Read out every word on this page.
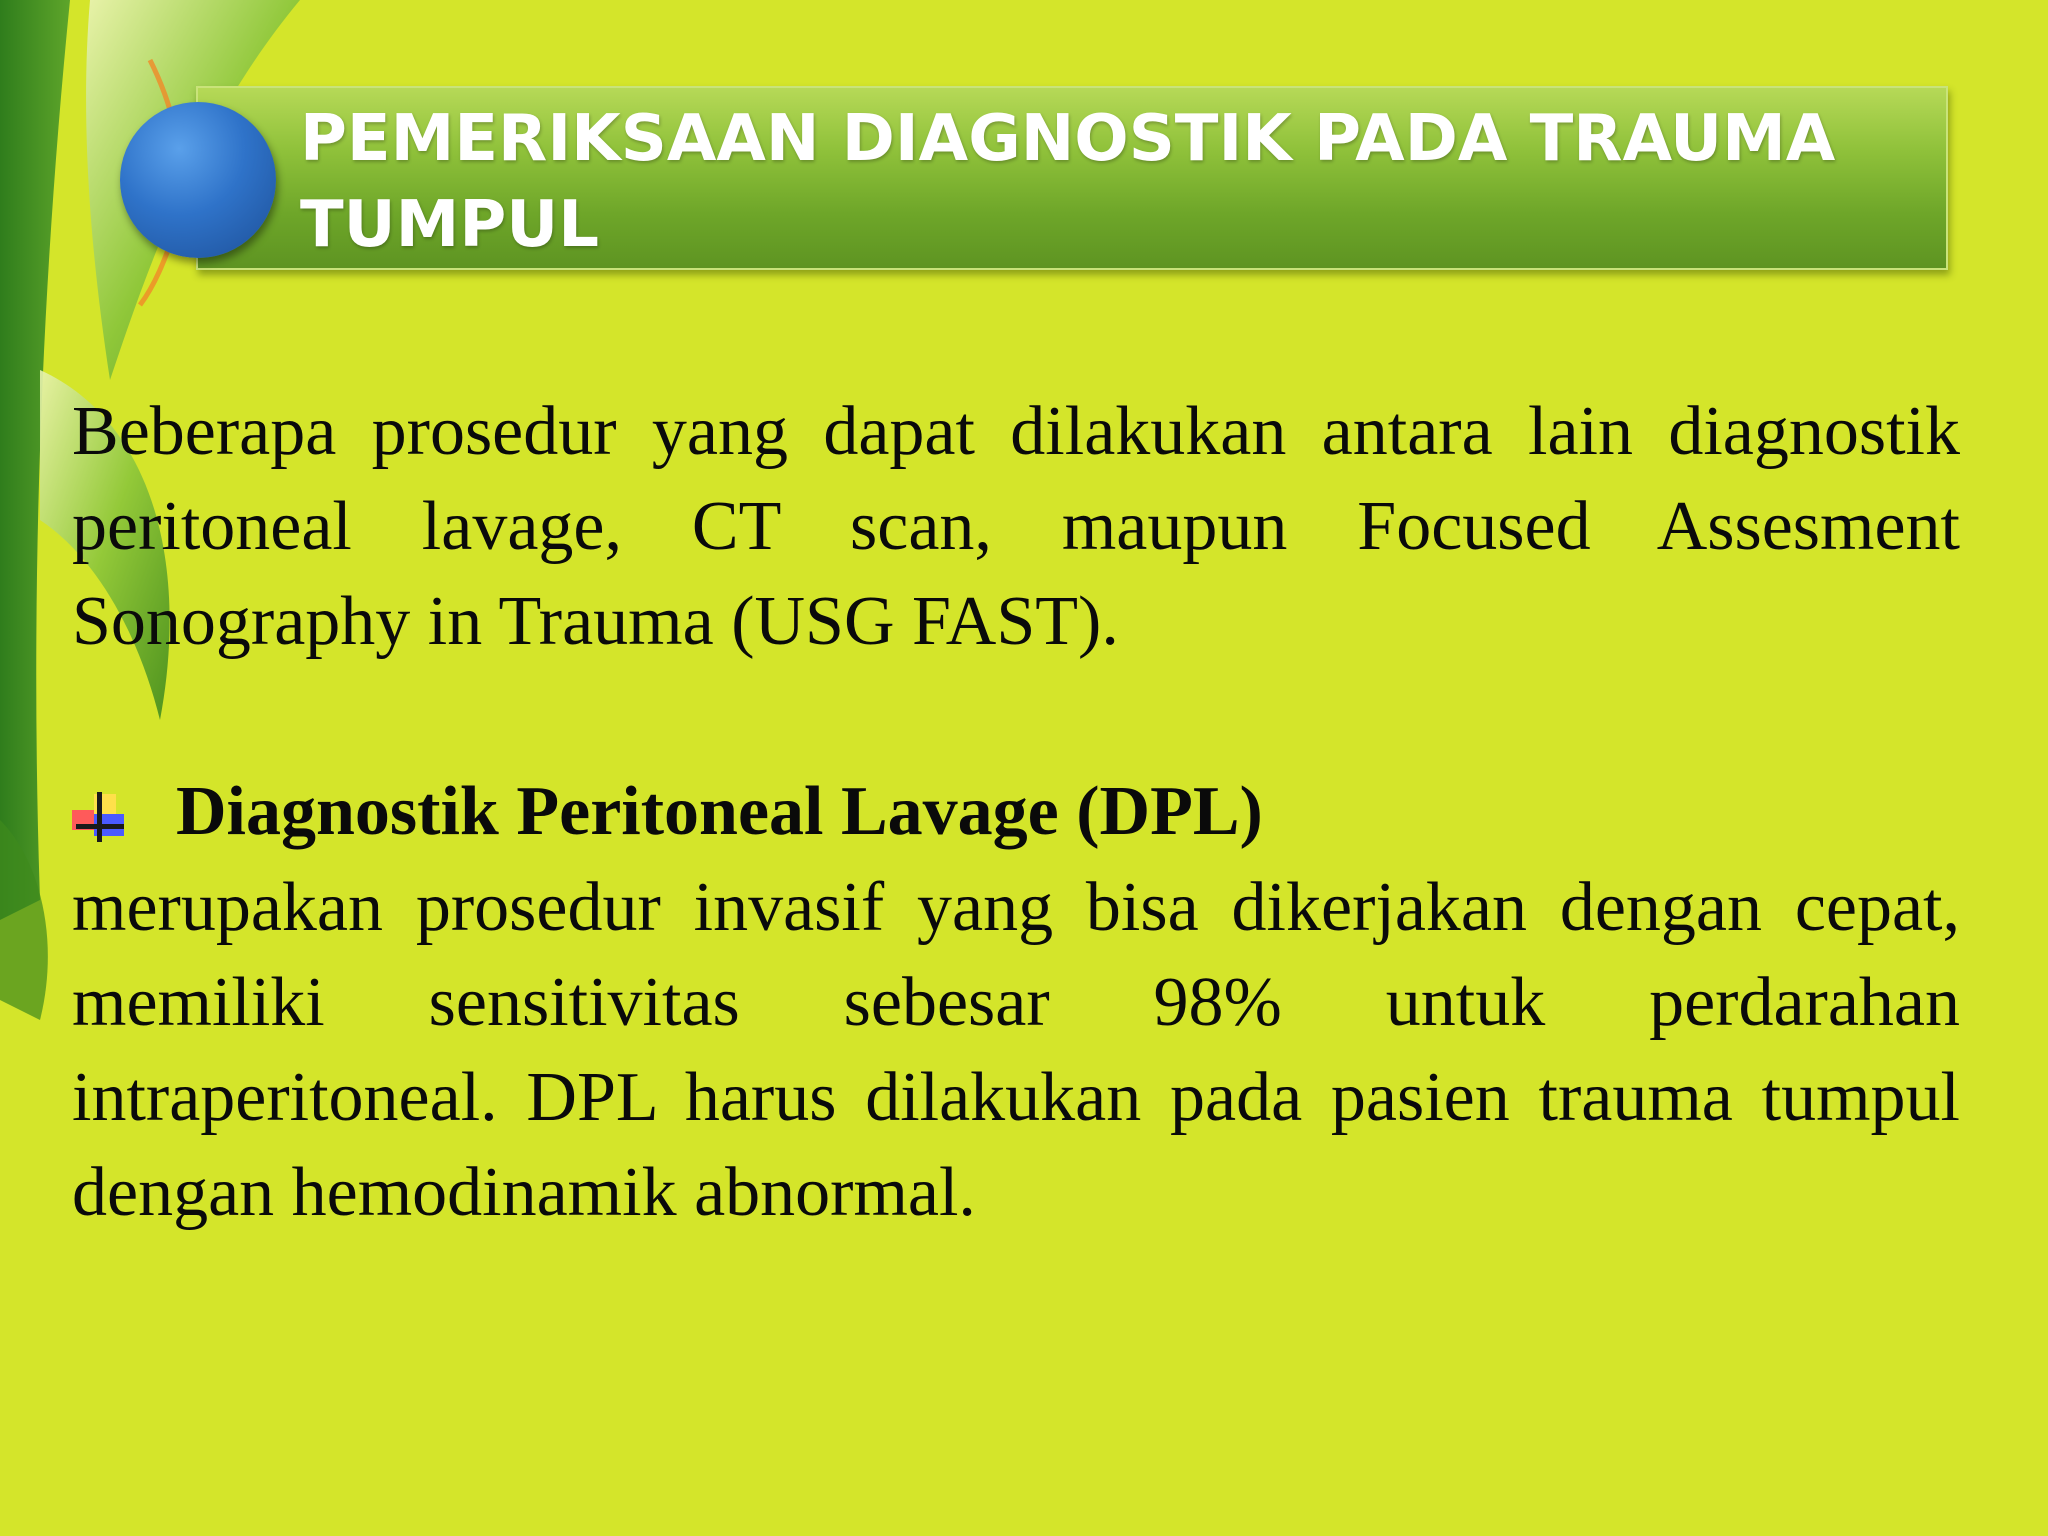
PEMERIKSAAN DIAGNOSTIK PADA TRAUMA TUMPUL
Beberapa prosedur yang dapat dilakukan antara lain diagnostik peritoneal lavage, CT scan, maupun Focused Assesment Sonography in Trauma (USG FAST).
Diagnostik Peritoneal Lavage (DPL)
merupakan prosedur invasif yang bisa dikerjakan dengan cepat, memiliki sensitivitas sebesar 98% untuk perdarahan intraperitoneal. DPL harus dilakukan pada pasien trauma tumpul dengan hemodinamik abnormal.
